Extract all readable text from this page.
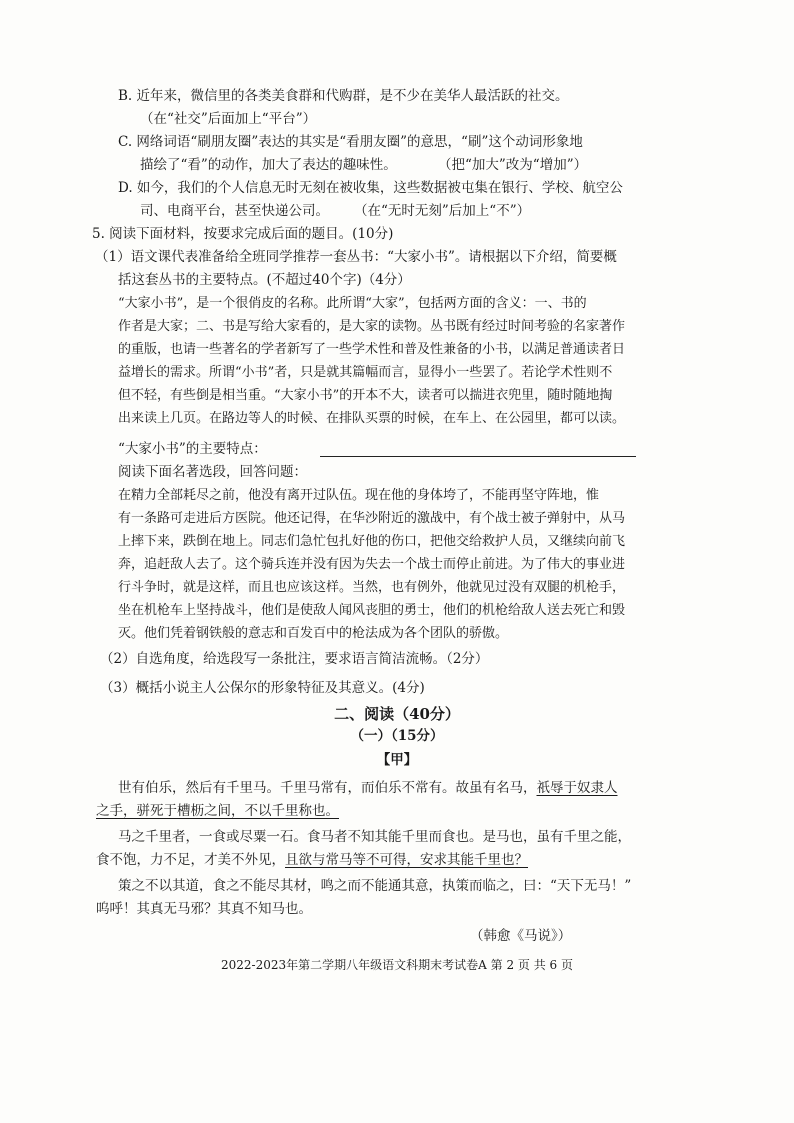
B. 近年来，微信里的各类美食群和代购群，是不少在美华人最活跃的社交。
（在“社交”后面加上“平台”）
C. 网络词语“刷朋友圈”表达的其实是“看朋友圈”的意思，“刷”这个动词形象地
描绘了“看”的动作，加大了表达的趣味性。	（把“加大”改为“增加”）
D. 如今，我们的个人信息无时无刻在被收集，这些数据被屯集在银行、学校、航空公
司、电商平台，甚至快递公司。 （在“无时无刻”后加上“不”）
5. 阅读下面材料，按要求完成后面的题目。(10分)
（1）语文课代表准备给全班同学推荐一套丛书：“大家小书”。请根据以下介绍，简要概
括这套丛书的主要特点。(不超过40个字)（4分）
“大家小书”，是一个很俏皮的名称。此所谓“大家”，包括两方面的含义：一、书的
作者是大家；二、书是写给大家看的，是大家的读物。丛书既有经过时间考验的名家著作
的重版，也请一些著名的学者新写了一些学术性和普及性兼备的小书，以满足普通读者日
益增长的需求。所谓“小书”者，只是就其篇幅而言，显得小一些罢了。若论学术性则不
但不轻，有些倒是相当重。“大家小书”的开本不大，读者可以揣进衣兜里，随时随地掏
出来读上几页。在路边等人的时候、在排队买票的时候，在车上、在公园里，都可以读。
“大家小书”的主要特点：
阅读下面名著选段，回答问题：
在精力全部耗尽之前，他没有离开过队伍。现在他的身体垮了，不能再坚守阵地，惟
有一条路可走进后方医院。他还记得，在华沙附近的激战中，有个战士被子弹射中，从马
上摔下来，跌倒在地上。同志们急忙包扎好他的伤口，把他交给救护人员，又继续向前飞
奔，追赶敌人去了。这个骑兵连并没有因为失去一个战士而停止前进。为了伟大的事业进
行斗争时，就是这样，而且也应该这样。当然，也有例外，他就见过没有双腿的机枪手，
坐在机枪车上坚持战斗，他们是使敌人闻风丧胆的勇士，他们的机枪给敌人送去死亡和毁
灭。他们凭着钢铁般的意志和百发百中的枪法成为各个团队的骄傲。
（2）自选角度，给选段写一条批注，要求语言简洁流畅。（2分）
（3）概括小说主人公保尔的形象特征及其意义。(4分)
二、阅读（40分）
（一）（15分）
【甲】
世有伯乐，然后有千里马。千里马常有，而伯乐不常有。故虽有名马，祇辱于奴隶人
之手，骈死于槽枥之间，不以千里称也。
马之千里者，一食或尽粟一石。食马者不知其能千里而食也。是马也，虽有千里之能，
食不饱，力不足，才美不外见，且欲与常马等不可得，安求其能千里也？
策之不以其道，食之不能尽其材，鸣之而不能通其意，执策而临之，曰：“天下无马！”
呜呼！其真无马邪？其真不知马也。
（韩愈《马说》）
2022-2023年第二学期八年级语文科期末考试卷A 第 2 页 共 6 页
